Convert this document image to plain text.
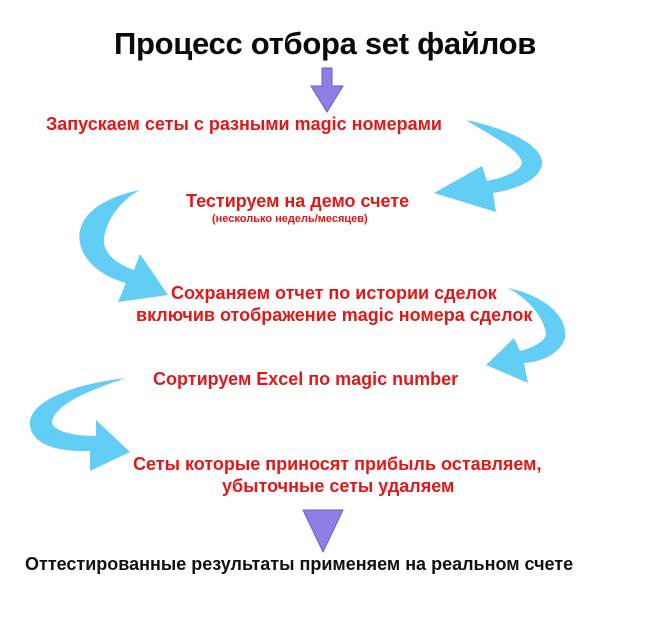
Процесс отбора set файлов
Запускаем сеты с разными magic номерами
Тестируем на демо счете
(несколько недель/месяцев)
Сохраняем отчет по истории сделок
включив отображение magic номера сделок
Сортируем Excel по magic number
Сеты которые приносят прибыль оставляем,
убыточные сеты удаляем
Оттестированные результаты применяем на реальном счете
